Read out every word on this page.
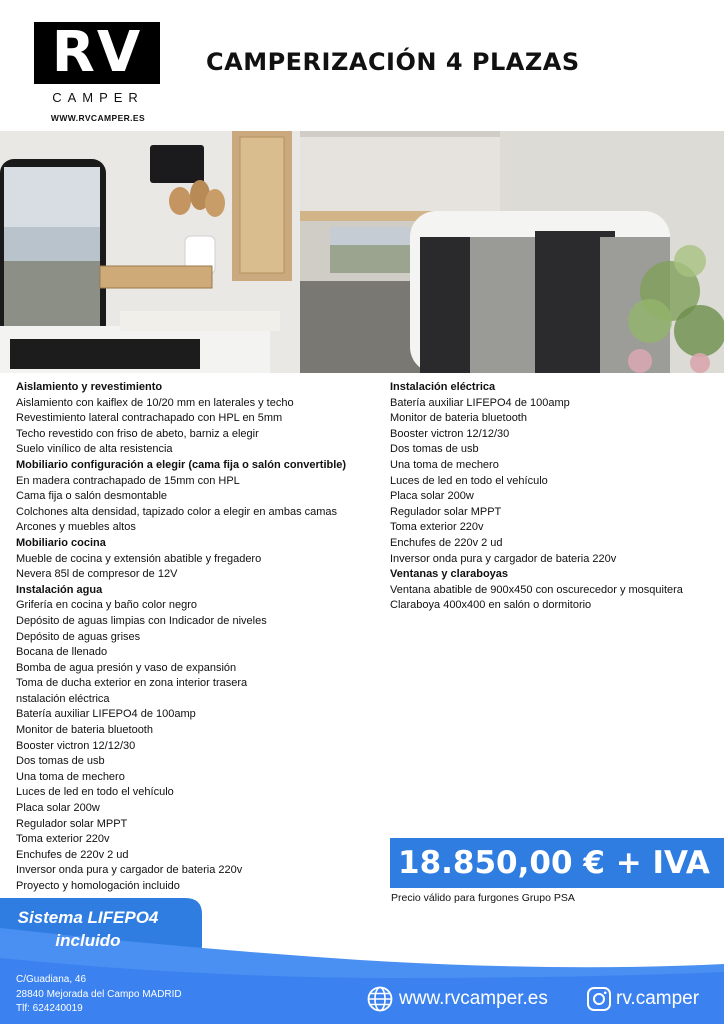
RV
CAMPER
WWW.RVCAMPER.ES
CAMPERIZACIÓN 4 PLAZAS
Aislamiento y revestimiento
Aislamiento con kaiflex de 10/20 mm en laterales y techo
Revestimiento lateral contrachapado con HPL en 5mm
Techo revestido con friso de abeto, barniz a elegir
Suelo vinílico de alta resistencia
Mobiliario configuración a elegir (cama fija o salón convertible)
En madera contrachapado de 15mm con HPL
Cama fija o salón desmontable
Colchones alta densidad, tapizado color a elegir en ambas camas
Arcones y muebles altos
Mobiliario cocina
Mueble de cocina y extensión abatible y fregadero
Nevera 85l de compresor de 12V
Instalación agua
Grifería en cocina y baño color negro
Depósito de aguas limpias con Indicador de niveles
Depósito de aguas grises
Bocana de llenado
Bomba de agua presión y vaso de expansión
Toma de ducha exterior en zona interior trasera
nstalación eléctrica
Batería auxiliar LIFEPO4 de 100amp
Monitor de bateria bluetooth
Booster victron 12/12/30
Dos tomas de usb
Una toma de mechero
Luces de led en todo el vehículo
Placa solar 200w
Regulador solar MPPT
Toma exterior 220v
Enchufes de 220v 2 ud
Inversor onda pura y cargador de bateria 220v
Proyecto y homologación incluido
Instalación eléctrica
Batería auxiliar LIFEPO4 de 100amp
Monitor de bateria bluetooth
Booster victron 12/12/30
Dos tomas de usb
Una toma de mechero
Luces de led en todo el vehículo
Placa solar 200w
Regulador solar MPPT
Toma exterior 220v
Enchufes de 220v 2 ud
Inversor onda pura y cargador de bateria 220v
Ventanas y claraboyas
Ventana abatible de 900x450 con oscurecedor y mosquitera
Claraboya 400x400 en salón o dormitorio
18.850,00 € + IVA
Precio válido para furgones Grupo PSA
Sistema LIFEPO4
incluido
C/Guadiana, 46
28840 Mejorada del Campo MADRID
Tlf: 624240019	www.rvcamper.es	rv.camper
